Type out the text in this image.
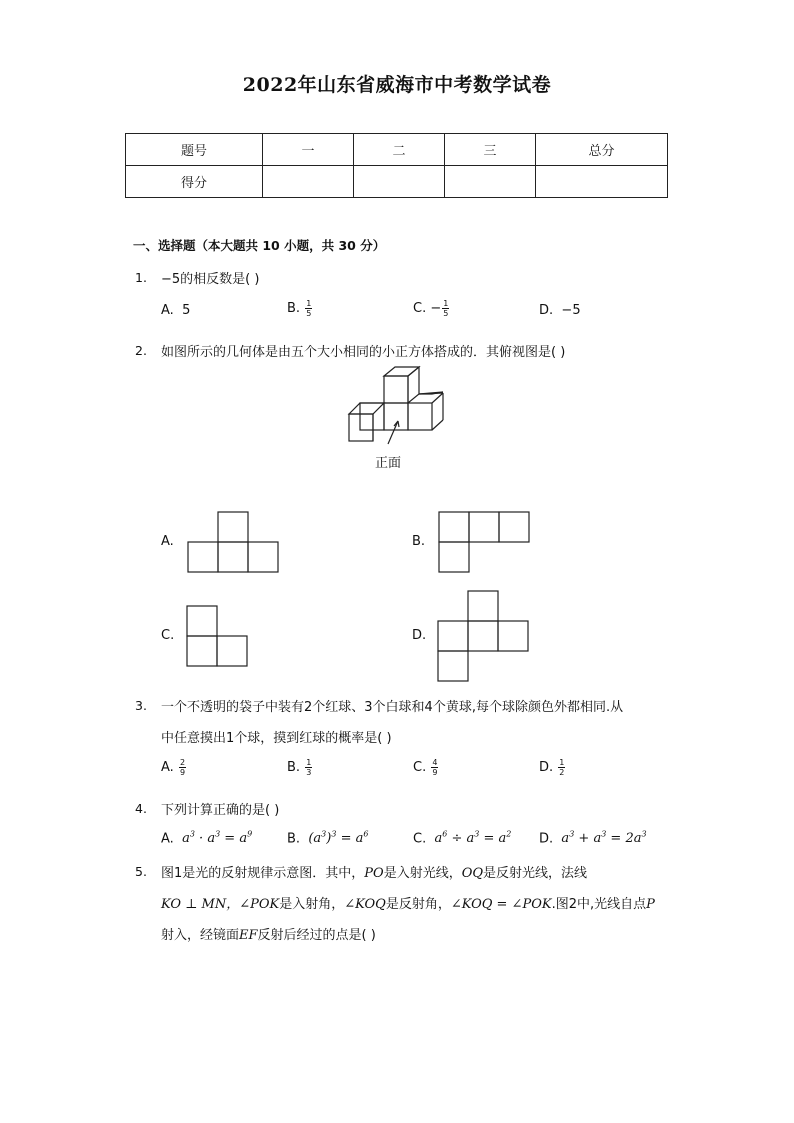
2022年山东省威海市中考数学试卷
题号	一	二	三	总分
得分				
一、选择题（本大题共 10 小题，共 30 分）
1. −5的相反数是( )
A. 5	B. $\frac{1}{5}$	C. − $\frac{1}{5}$	D. −5
2. 如图所示的几何体是由五个大小相同的小正方体搭成的．其俯视图是( )
正面
A.	B.
C.	D.
3. 一个不透明的袋子中装有2个红球、3个白球和4个黄球,每个球除颜色外都相同.从
中任意摸出1个球，摸到红球的概率是( )
A. $\frac{2}{9}$	B. $\frac{1}{3}$	C. $\frac{4}{9}$	D. $\frac{1}{2}$
4. 下列计算正确的是( )
A.  $a^3 \cdot a^3 = a^9$	B.  $(a^3)^3 = a^6$	C.  $a^6 \div a^3 = a^2$ D.  $a^3 + a^3 = 2a^3$
5. 图1是光的反射规律示意图．其中，PO是入射光线，OQ是反射光线，法线
KO ⊥ MN，∠POK是入射角，∠KOQ是反射角，∠KOQ = ∠POK.图2中,光线自点P
射入，经镜面EF反射后经过的点是( )
